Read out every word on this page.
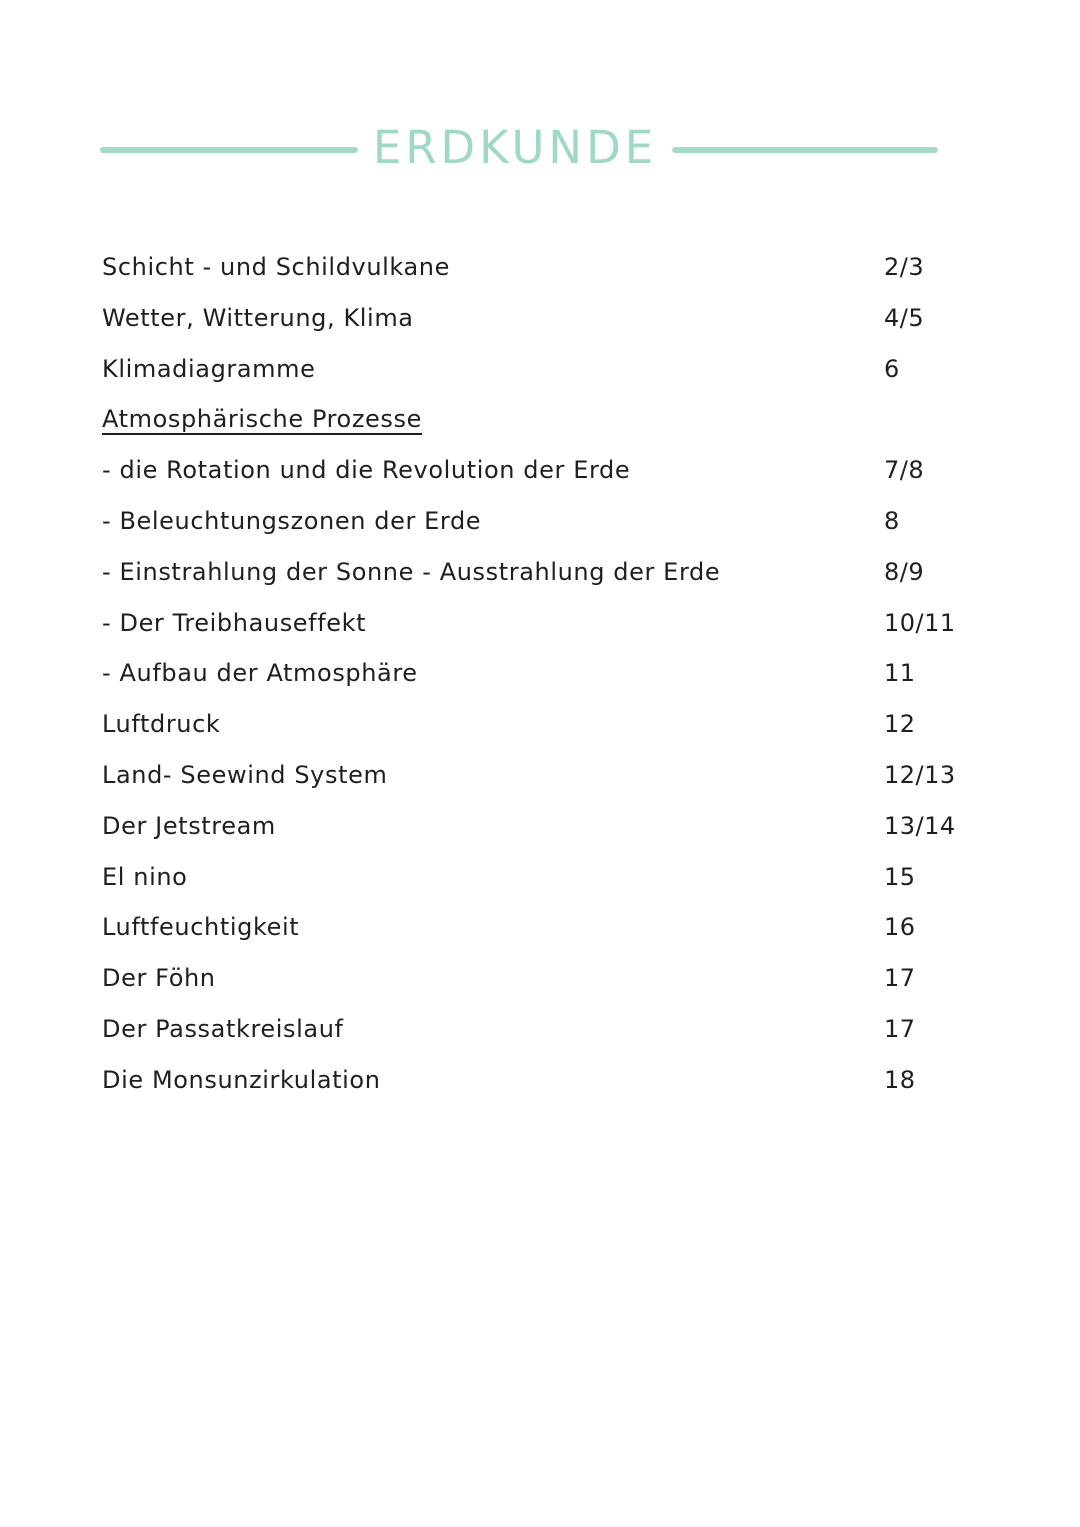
ERDKUNDE
Schicht - und Schildvulkane	2/3
Wetter, Witterung, Klima	4/5
Klimadiagramme	6
Atmosphärische Prozesse
- die Rotation und die Revolution der Erde	7/8
- Beleuchtungszonen der Erde	8
- Einstrahlung der Sonne - Ausstrahlung der Erde	8/9
- Der Treibhauseffekt	10/11
- Aufbau der Atmosphäre	11
Luftdruck	12
Land- Seewind System	12/13
Der Jetstream	13/14
El nino	15
Luftfeuchtigkeit	16
Der Föhn	17
Der Passatkreislauf	17
Die Monsunzirkulation	18
